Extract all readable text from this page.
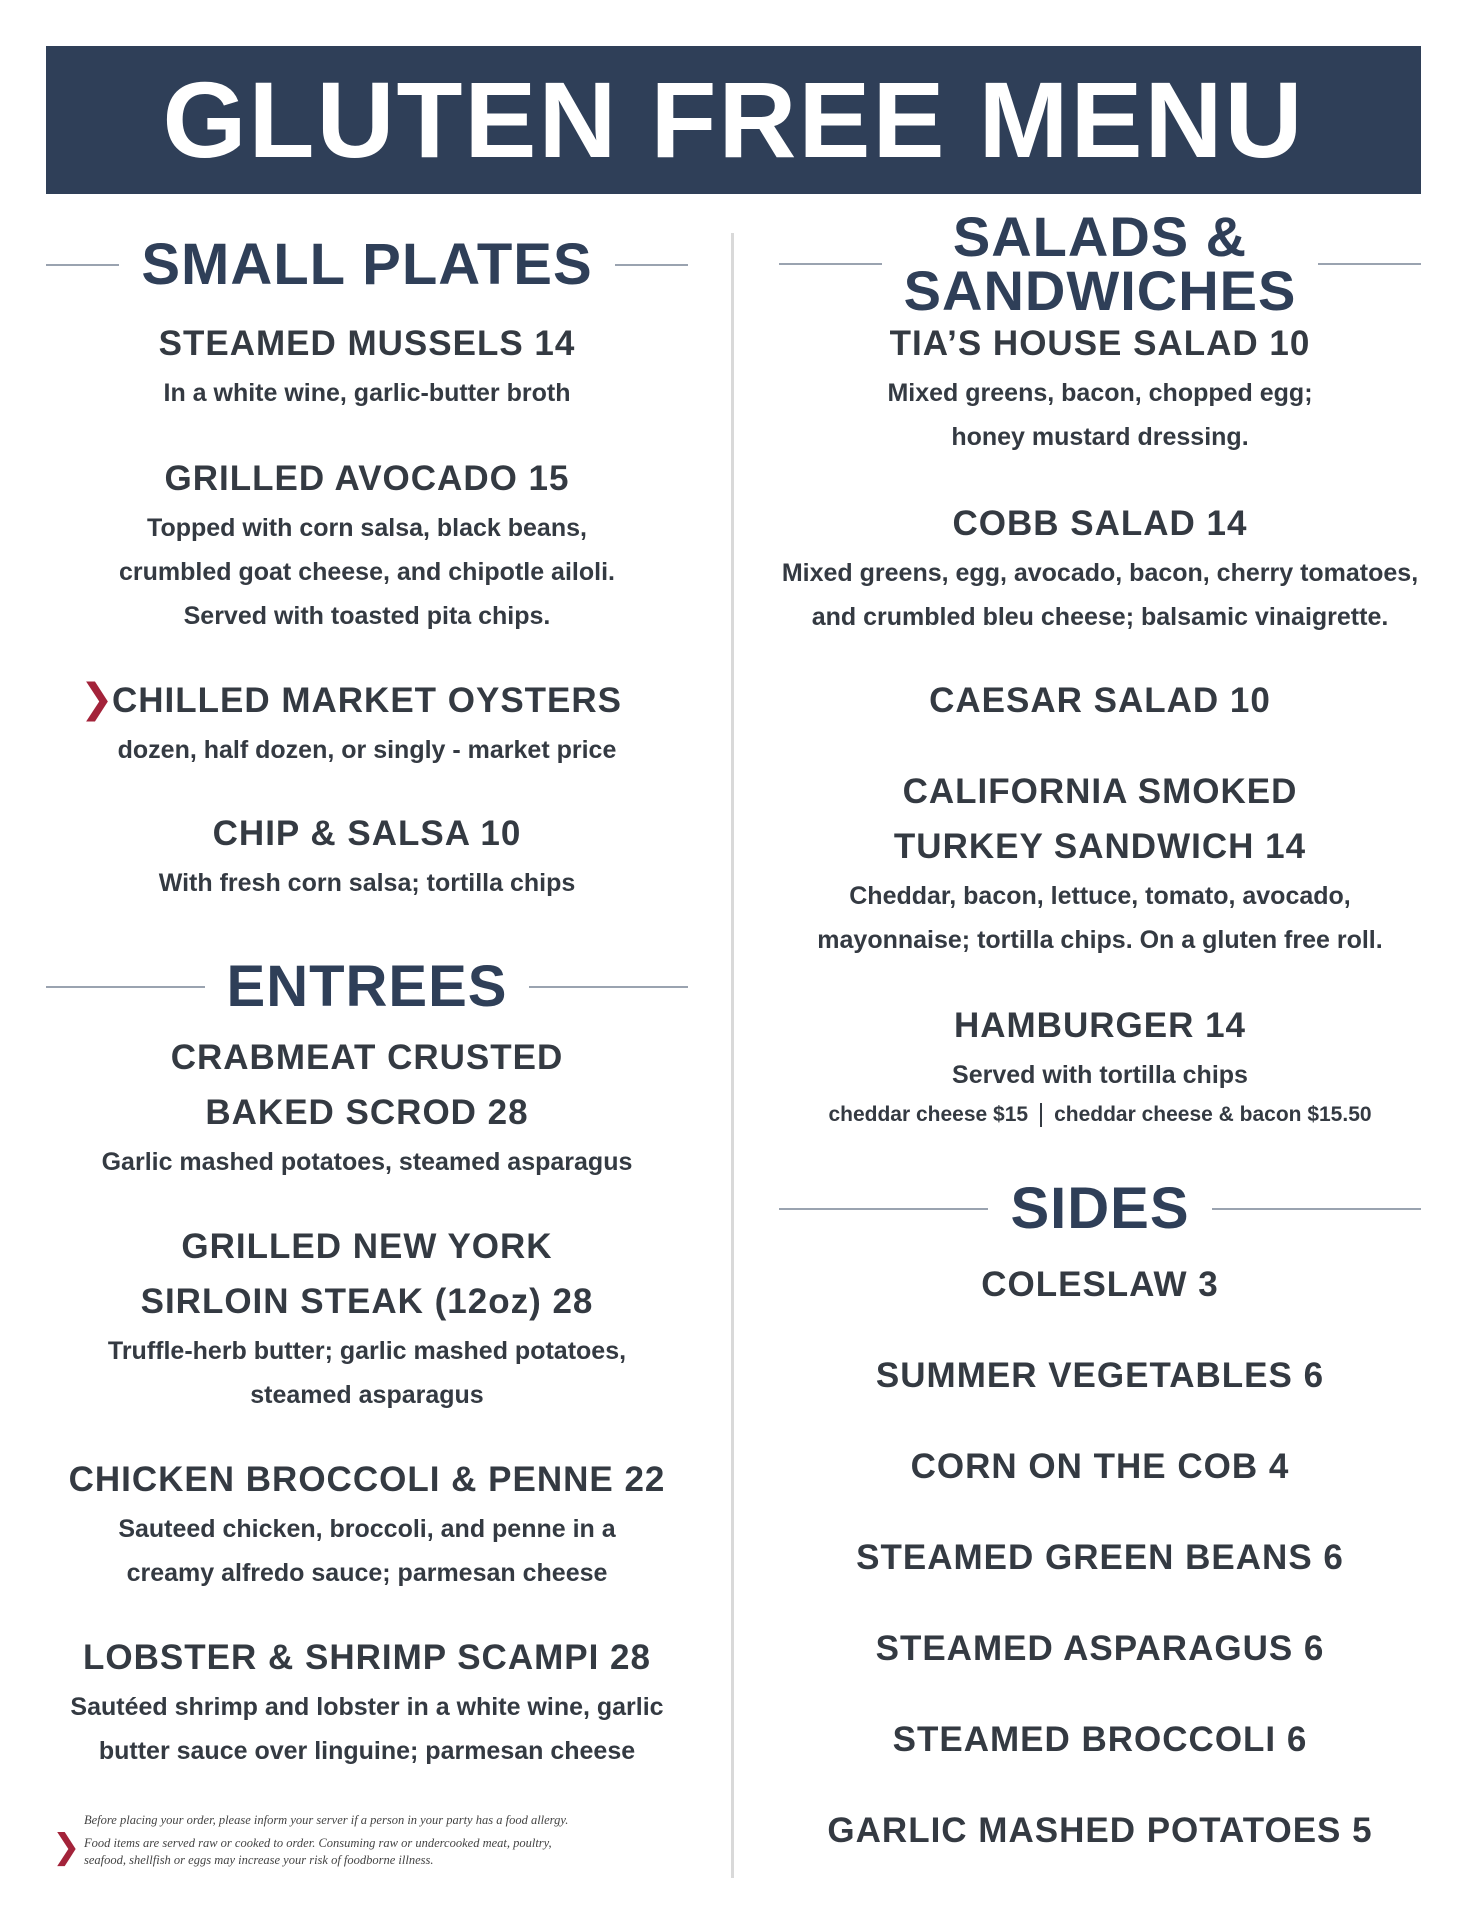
GLUTEN FREE MENU
SMALL PLATES
STEAMED MUSSELS 14
In a white wine, garlic-butter broth
GRILLED AVOCADO 15
Topped with corn salsa, black beans,
crumbled goat cheese, and chipotle ailoli.
Served with toasted pita chips.
❯
CHILLED MARKET OYSTERS
dozen, half dozen, or singly - market price
CHIP & SALSA 10
With fresh corn salsa; tortilla chips
ENTREES
CRABMEAT CRUSTED
BAKED SCROD 28
Garlic mashed potatoes, steamed asparagus
GRILLED NEW YORK
SIRLOIN STEAK (12oz) 28
Truffle-herb butter; garlic mashed potatoes,
steamed asparagus
CHICKEN BROCCOLI & PENNE 22
Sauteed chicken, broccoli, and penne in a
creamy alfredo sauce; parmesan cheese
LOBSTER & SHRIMP SCAMPI 28
Sautéed shrimp and lobster in a white wine, garlic
butter sauce over linguine; parmesan cheese
❯

Before placing your order, please inform your server if a person in your party has a food allergy.

Food items are served raw or cooked to order. Consuming raw or undercooked meat, poultry,

seafood, shellfish or eggs may increase your risk of foodborne illness.

SALADS &
SANDWICHES
TIA’S HOUSE SALAD 10
Mixed greens, bacon, chopped egg;
honey mustard dressing.
COBB SALAD 14
Mixed greens, egg, avocado, bacon, cherry tomatoes,
and crumbled bleu cheese; balsamic vinaigrette.
CAESAR SALAD 10
CALIFORNIA SMOKED
TURKEY SANDWICH 14
Cheddar, bacon, lettuce, tomato, avocado,
mayonnaise; tortilla chips. On a gluten free roll.
HAMBURGER 14
Served with tortilla chips
cheddar cheese $15 cheddar cheese & bacon $15.50
SIDES
COLESLAW 3
SUMMER VEGETABLES 6
CORN ON THE COB 4
STEAMED GREEN BEANS 6
STEAMED ASPARAGUS 6
STEAMED BROCCOLI 6
GARLIC MASHED POTATOES 5
